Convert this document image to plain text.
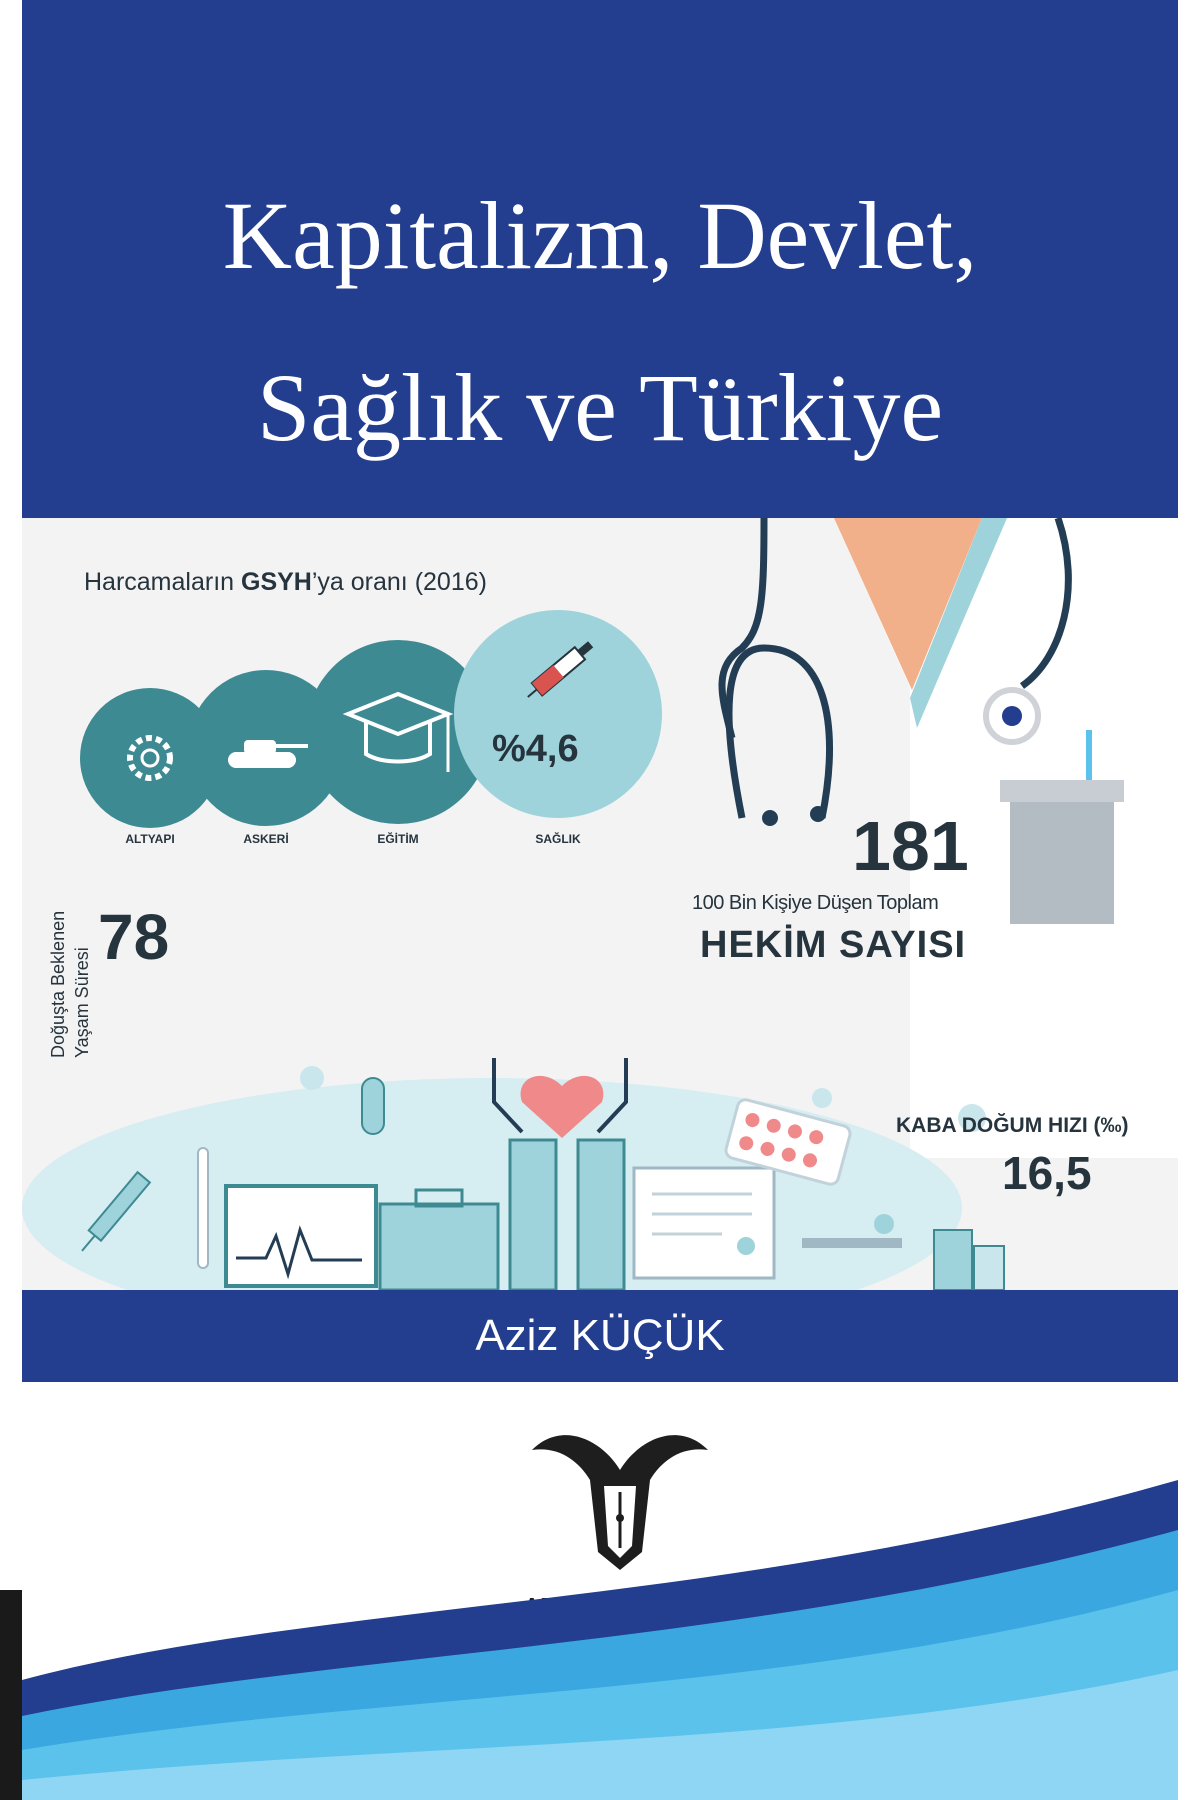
Kapitalizm, Devlet,
Sağlık ve Türkiye
Harcamaların GSYH’ya oranı (2016)
ALTYAPI	ASKERİ	EĞİTİM	SAĞLIK
%4,6
181
100 Bin Kişiye Düşen Toplam
HEKİM SAYISI
78
Doğuşta Beklenen Yaşam Süresi
KABA DOĞUM HIZI (‰)
16,5
Aziz KÜÇÜK
